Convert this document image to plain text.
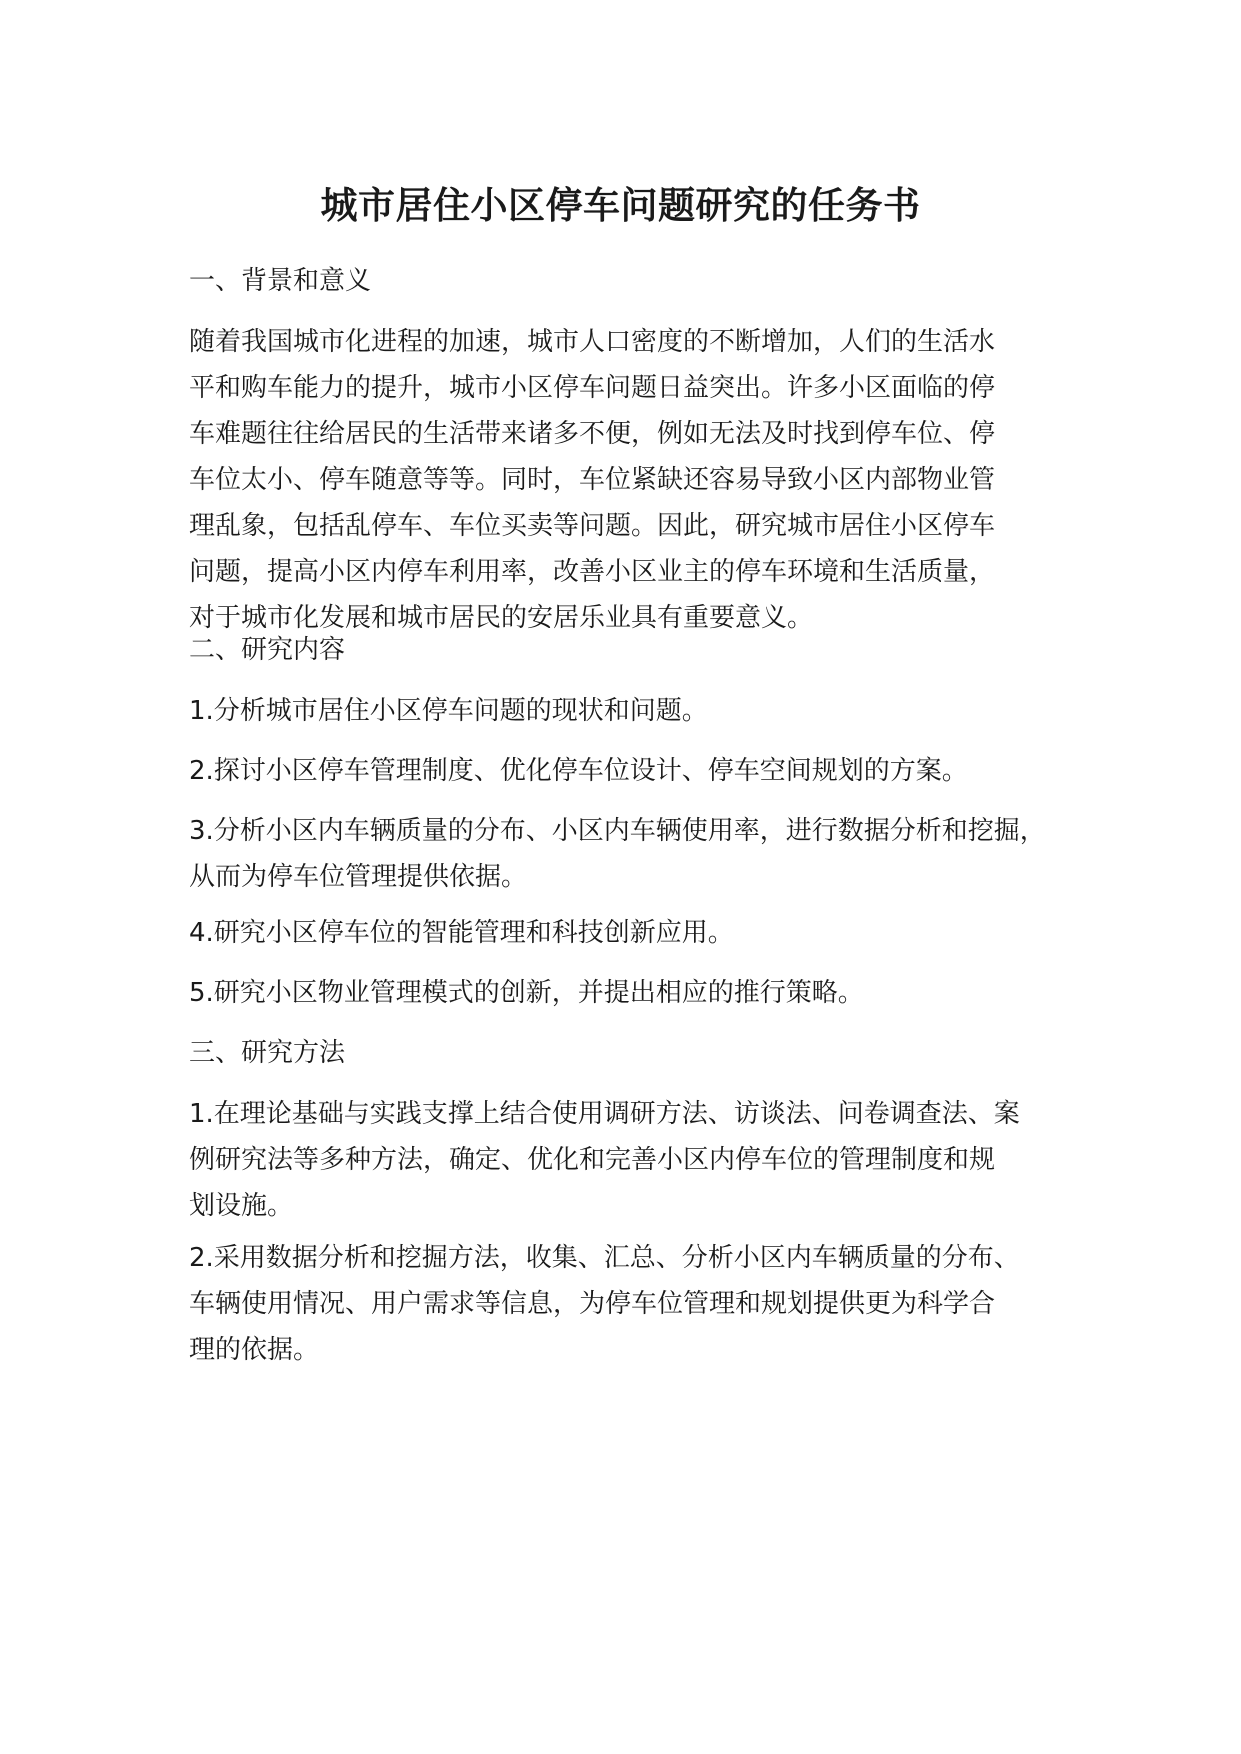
城市居住小区停车问题研究的任务书

一、背景和意义

随着我国城市化进程的加速，城市人口密度的不断增加，人们的生活水
平和购车能力的提升，城市小区停车问题日益突出。许多小区面临的停
车难题往往给居民的生活带来诸多不便，例如无法及时找到停车位、停
车位太小、停车随意等等。同时，车位紧缺还容易导致小区内部物业管
理乱象，包括乱停车、车位买卖等问题。因此，研究城市居住小区停车
问题，提高小区内停车利用率，改善小区业主的停车环境和生活质量，
对于城市化发展和城市居民的安居乐业具有重要意义。

二、研究内容

1.分析城市居住小区停车问题的现状和问题。

2.探讨小区停车管理制度、优化停车位设计、停车空间规划的方案。

3.分析小区内车辆质量的分布、小区内车辆使用率，进行数据分析和挖掘，
从而为停车位管理提供依据。

4.研究小区停车位的智能管理和科技创新应用。

5.研究小区物业管理模式的创新，并提出相应的推行策略。

三、研究方法

1.在理论基础与实践支撑上结合使用调研方法、访谈法、问卷调查法、案
例研究法等多种方法，确定、优化和完善小区内停车位的管理制度和规
划设施。

2.采用数据分析和挖掘方法，收集、汇总、分析小区内车辆质量的分布、
车辆使用情况、用户需求等信息，为停车位管理和规划提供更为科学合
理的依据。
